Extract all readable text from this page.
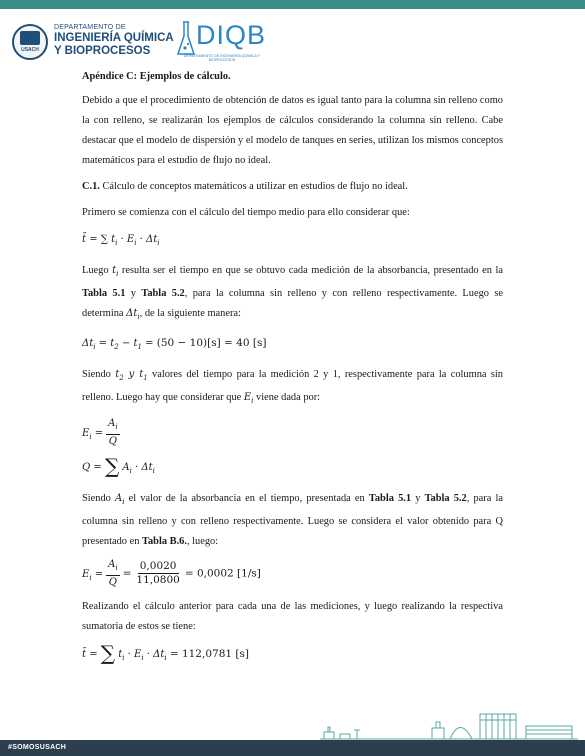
USACH
DEPARTAMENTO DE
INGENIERÍA QUÍMICA
Y BIOPROCESOS
DIQB
DEPARTAMENTO DE INGENIERÍA QUÍMICA Y BIOPROCESOS

Apéndice C: Ejemplos de cálculo.

Debido a que el procedimiento de obtención de datos es igual tanto para la columna sin relleno como la con relleno, se realizarán los ejemplos de cálculos considerando la columna sin relleno. Cabe destacar que el modelo de dispersión y el modelo de tanques en series, utilizan los mismos conceptos matemáticos para el estudio de flujo no ideal.

C.1. Cálculo de conceptos matemáticos a utilizar en estudios de flujo no ideal.

Primero se comienza con el cálculo del tiempo medio para ello considerar que:

t̄ = ∑ $t_i \cdot E_i \cdot \Delta t_i$

Luego $t_i$ resulta ser el tiempo en que se obtuvo cada medición de la absorbancia, presentado en la Tabla 5.1 y Tabla 5.2, para la columna sin relleno y con relleno respectivamente. Luego se determina $\Delta t_i$, de la siguiente manera:

$\Delta t_i = t_2 - t_1 = (50 - 10)[s] = 40$ [s]

Siendo $t_2$ y $t_1$ valores del tiempo para la medición 2 y 1, respectivamente para la columna sin relleno. Luego hay que considerar que $E_i$ viene dada por:

$E_i = \frac{A_i}{Q}$

Q = ∑ $A_i \cdot \Delta t_i$

Siendo $A_i$ el valor de la absorbancia en el tiempo, presentada en Tabla 5.1 y Tabla 5.2, para la columna sin relleno y con relleno respectivamente. Luego se considera el valor obtenido para Q presentado en Tabla B.6., luego:

$E_i = \frac{A_i}{Q} = \frac{0,0020}{11,0800} = 0,0002$ [1/s]

Realizando el cálculo anterior para cada una de las mediciones, y luego realizando la respectiva sumatoria de estos se tiene:

t̄ = ∑ $t_i \cdot E_i \cdot \Delta t_i = 112,0781$ [s]

#SOMOSUSACH
